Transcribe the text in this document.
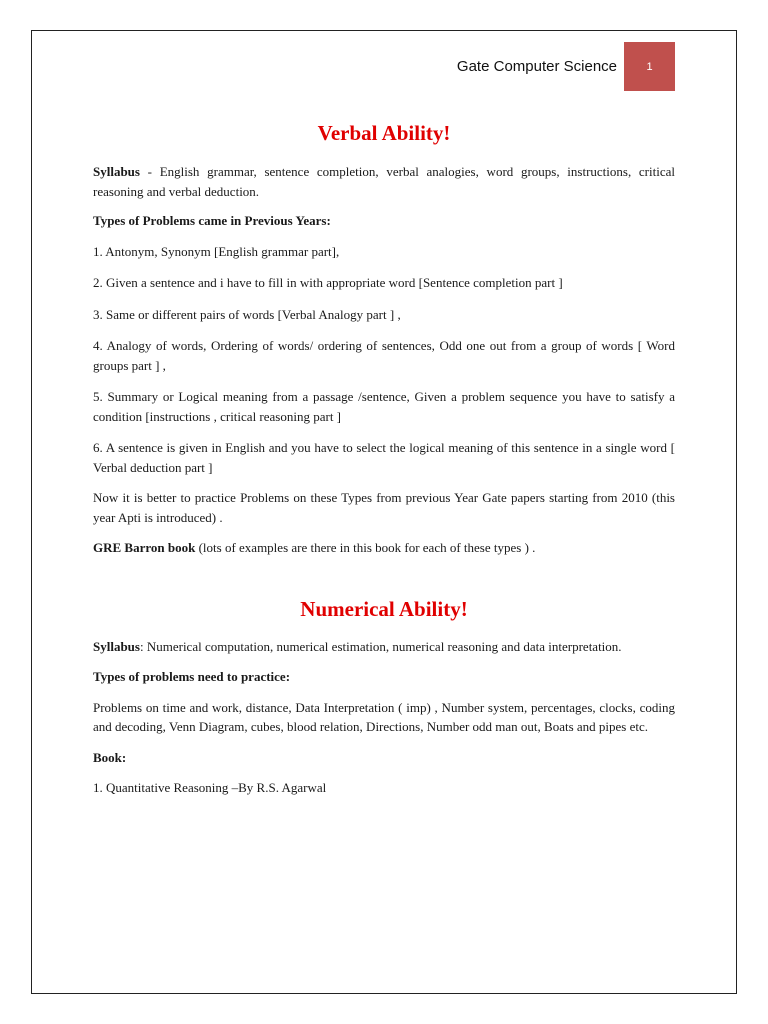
Gate Computer Science	1
Verbal Ability!

Syllabus - English grammar, sentence completion, verbal analogies, word groups, instructions, critical reasoning and verbal deduction.

Types of Problems came in Previous Years:

1. Antonym, Synonym [English grammar part],

2. Given a sentence and i have to fill in with appropriate word [Sentence completion part ]

3. Same or different pairs of words [Verbal Analogy part ] ,

4. Analogy of words, Ordering of words/ ordering of sentences, Odd one out from a group of words [ Word groups part ] ,

5. Summary or Logical meaning from a passage /sentence, Given a problem sequence you have to satisfy a condition [instructions , critical reasoning part ]

6. A sentence is given in English and you have to select the logical meaning of this sentence in a single word [ Verbal deduction part ]

Now it is better to practice Problems on these Types from previous Year Gate papers starting from 2010 (this year Apti is introduced) .

GRE Barron book (lots of examples are there in this book for each of these types ) .

Numerical Ability!

Syllabus: Numerical computation, numerical estimation, numerical reasoning and data interpretation.

Types of problems need to practice:

Problems on time and work, distance, Data Interpretation ( imp) , Number system, percentages, clocks, coding and decoding, Venn Diagram, cubes, blood relation, Directions, Number odd man out, Boats and pipes etc.

Book:

1. Quantitative Reasoning –By R.S. Agarwal
